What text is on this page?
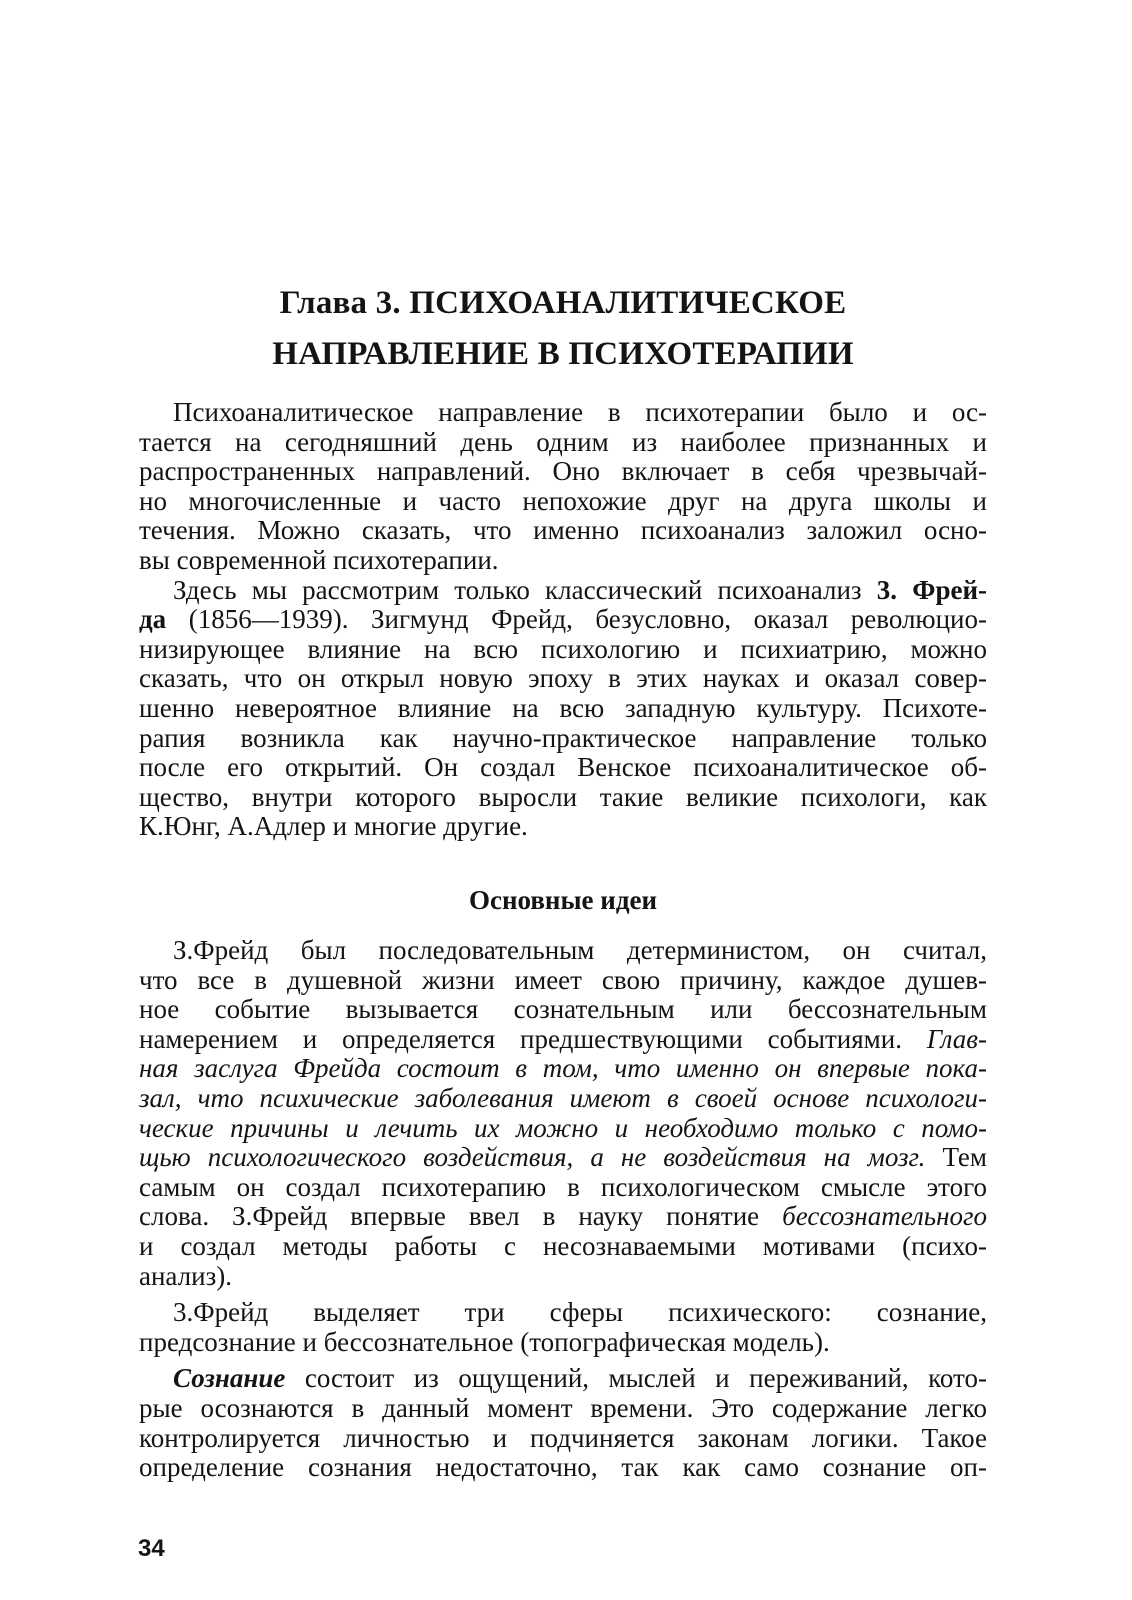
Глава 3. ПСИХОАНАЛИТИЧЕСКОЕ
НАПРАВЛЕНИЕ В ПСИХОТЕРАПИИ
Психоаналитическое направление в психотерапии было и ос-
тается на сегодняшний день одним из наиболее признанных и
распространенных направлений. Оно включает в себя чрезвычай-
но многочисленные и часто непохожие друг на друга школы и
течения. Можно сказать, что именно психоанализ заложил осно-
вы современной психотерапии.
Здесь мы рассмотрим только классический психоанализ 3. Фрей-
да (1856—1939). Зигмунд Фрейд, безусловно, оказал революцио-
низирующее влияние на всю психологию и психиатрию, можно
сказать, что он открыл новую эпоху в этих науках и оказал совер-
шенно невероятное влияние на всю западную культуру. Психоте-
рапия возникла как научно-практическое направление только
после его открытий. Он создал Венское психоаналитическое об-
щество, внутри которого выросли такие великие психологи, как
К.Юнг, А.Адлер и многие другие.
Основные идеи
З.Фрейд был последовательным детерминистом, он считал,
что все в душевной жизни имеет свою причину, каждое душев-
ное событие вызывается сознательным или бессознательным
намерением и определяется предшествующими событиями. Глав-
ная заслуга Фрейда состоит в том, что именно он впервые пока-
зал, что психические заболевания имеют в своей основе психологи-
ческие причины и лечить их можно и необходимо только с помо-
щью психологического воздействия, а не воздействия на мозг. Тем
самым он создал психотерапию в психологическом смысле этого
слова. З.Фрейд впервые ввел в науку понятие бессознательного
и создал методы работы с несознаваемыми мотивами (психо-
анализ).
3.Фрейд выделяет три сферы психического: сознание,
предсознание и бессознательное (топографическая модель).
Сознание состоит из ощущений, мыслей и переживаний, кото-
рые осознаются в данный момент времени. Это содержание легко
контролируется личностью и подчиняется законам логики. Такое
определение сознания недостаточно, так как само сознание оп-
34
